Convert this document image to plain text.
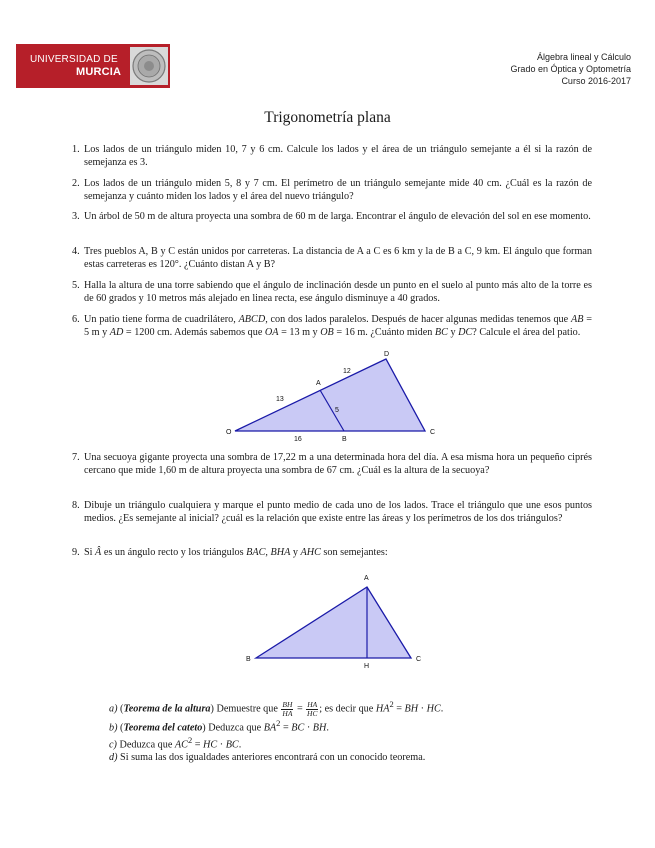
UNIVERSIDAD DE
MURCIA
Álgebra lineal y Cálculo
Grado en Óptica y Optometría
Curso 2016-2017
Trigonometría plana
1. Los lados de un triángulo miden 10, 7 y 6 cm. Calcule los lados y el área de un triángulo semejante a él si la razón de semejanza es 3.
2. Los lados de un triángulo miden 5, 8 y 7 cm. El perímetro de un triángulo semejante mide 40 cm. ¿Cuál es la razón de semejanza y cuánto miden los lados y el área del nuevo triángulo?
3. Un árbol de 50 m de altura proyecta una sombra de 60 m de larga. Encontrar el ángulo de elevación del sol en ese momento.
4. Tres pueblos A, B y C están unidos por carreteras. La distancia de A a C es 6 km y la de B a C, 9 km. El ángulo que forman estas carreteras es 120°. ¿Cuánto distan A y B?
5. Halla la altura de una torre sabiendo que el ángulo de inclinación desde un punto en el suelo al punto más alto de la torre es de 60 grados y 10 metros más alejado en linea recta, ese ángulo disminuye a 40 grados.
6. Un patio tiene forma de cuadrilátero, ABCD, con dos lados paralelos. Después de hacer algunas medidas tenemos que AB = 5 m y AD = 1200 cm. Además sabemos que OA = 13 m y OB = 16 m. ¿Cuánto miden BC y DC? Calcule el área del patio.
O
A
B
C
D
13
5
12
16
7. Una secuoya gigante proyecta una sombra de 17,22 m a una determinada hora del día. A esa misma hora un pequeño ciprés cercano que mide 1,60 m de altura proyecta una sombra de 67 cm. ¿Cuál es la altura de la secuoya?
8. Dibuje un triángulo cualquiera y marque el punto medio de cada uno de los lados. Trace el triángulo que une esos puntos medios. ¿Es semejante al inicial? ¿cuál es la relación que existe entre las áreas y los perímetros de los dos triángulos?
9. Si Â es un ángulo recto y los triángulos BAC, BHA y AHC son semejantes:
A
B	C
H
a) (Teorema de la altura) Demuestre que $\frac{BH}{HA} = \frac{HA}{HC}$ ; es decir que $HA^2$ = BH · HC.
b) (Teorema del cateto) Deduzca que $BA^2$ = BC · BH.
c) Deduzca que $AC^2$ = HC · BC.
d) Si suma las dos igualdades anteriores encontrará con un conocido teorema.
